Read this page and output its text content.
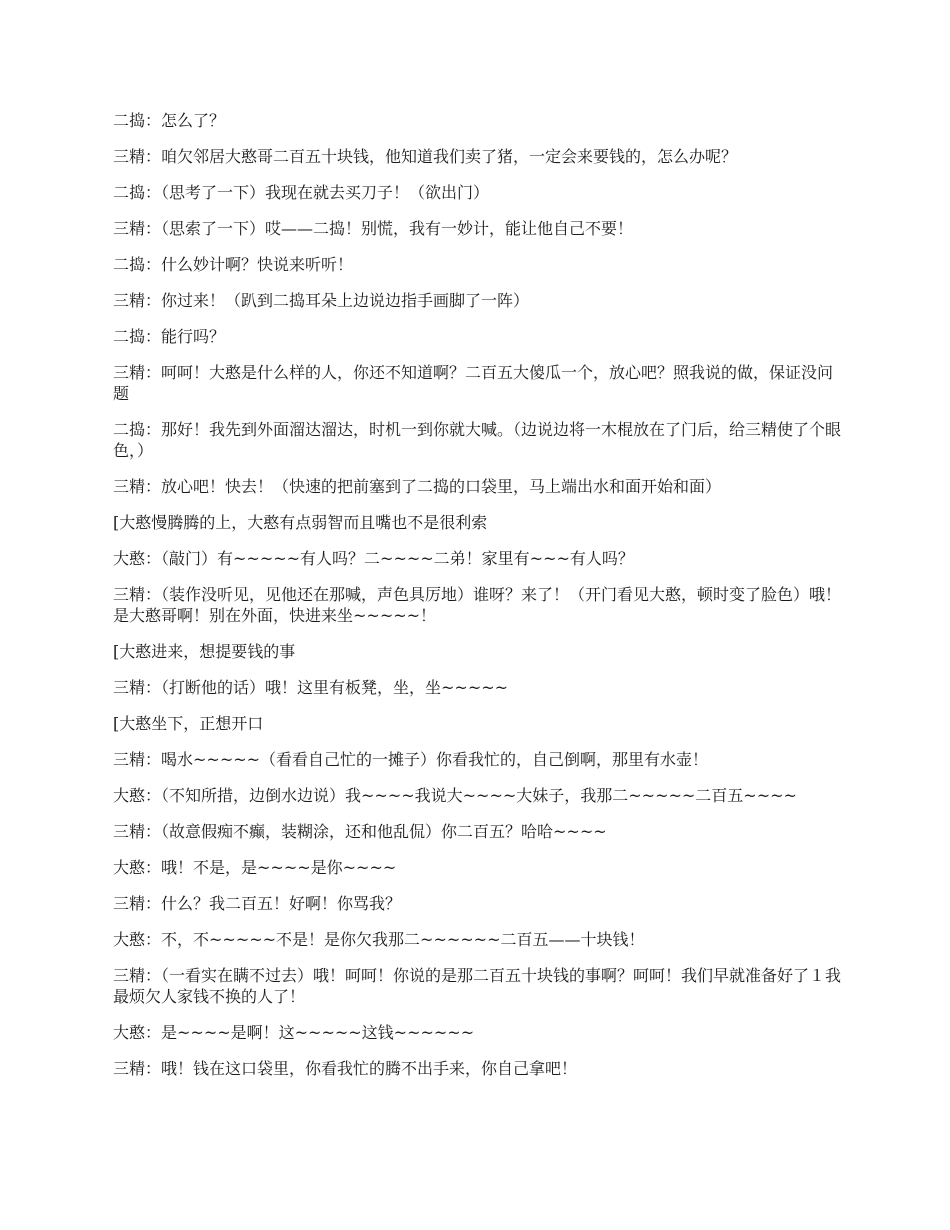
二捣：怎么了？

三精：咱欠邻居大憨哥二百五十块钱，他知道我们卖了猪，一定会来要钱的，怎么办呢？

二捣：（思考了一下）我现在就去买刀子！（欲出门）

三精：（思索了一下）哎——二捣！别慌，我有一妙计，能让他自己不要！

二捣：什么妙计啊？快说来听听！

三精：你过来！（趴到二捣耳朵上边说边指手画脚了一阵）

二捣：能行吗？

三精：呵呵！大憨是什么样的人，你还不知道啊？二百五大傻瓜一个，放心吧？照我说的做，保证没问题

二捣：那好！我先到外面溜达溜达，时机一到你就大喊。（边说边将一木棍放在了门后，给三精使了个眼色，）

三精：放心吧！快去！（快速的把前塞到了二捣的口袋里，马上端出水和面开始和面）

[大憨慢腾腾的上，大憨有点弱智而且嘴也不是很利索

大憨：（敲门）有~~~~~有人吗？二~~~~二弟！家里有~~~有人吗？

三精：（装作没听见，见他还在那喊，声色具厉地）谁呀？来了！（开门看见大憨，顿时变了脸色）哦！是大憨哥啊！别在外面，快进来坐~~~~~！

[大憨进来，想提要钱的事

三精：（打断他的话）哦！这里有板凳，坐，坐~~~~~

[大憨坐下，正想开口

三精：喝水~~~~~（看看自己忙的一摊子）你看我忙的，自己倒啊，那里有水壶！

大憨：（不知所措，边倒水边说）我~~~~我说大~~~~大妹子，我那二~~~~~二百五~~~~

三精：（故意假痴不癫，装糊涂，还和他乱侃）你二百五？哈哈~~~~

大憨：哦！不是，是~~~~是你~~~~

三精：什么？我二百五！好啊！你骂我？

大憨：不，不~~~~~不是！是你欠我那二~~~~~~二百五——十块钱！

三精：（一看实在瞒不过去）哦！呵呵！你说的是那二百五十块钱的事啊？呵呵！我们早就准备好了１我最烦欠人家钱不换的人了！

大憨：是~~~~是啊！这~~~~~这钱~~~~~~

三精：哦！钱在这口袋里，你看我忙的腾不出手来，你自己拿吧！
